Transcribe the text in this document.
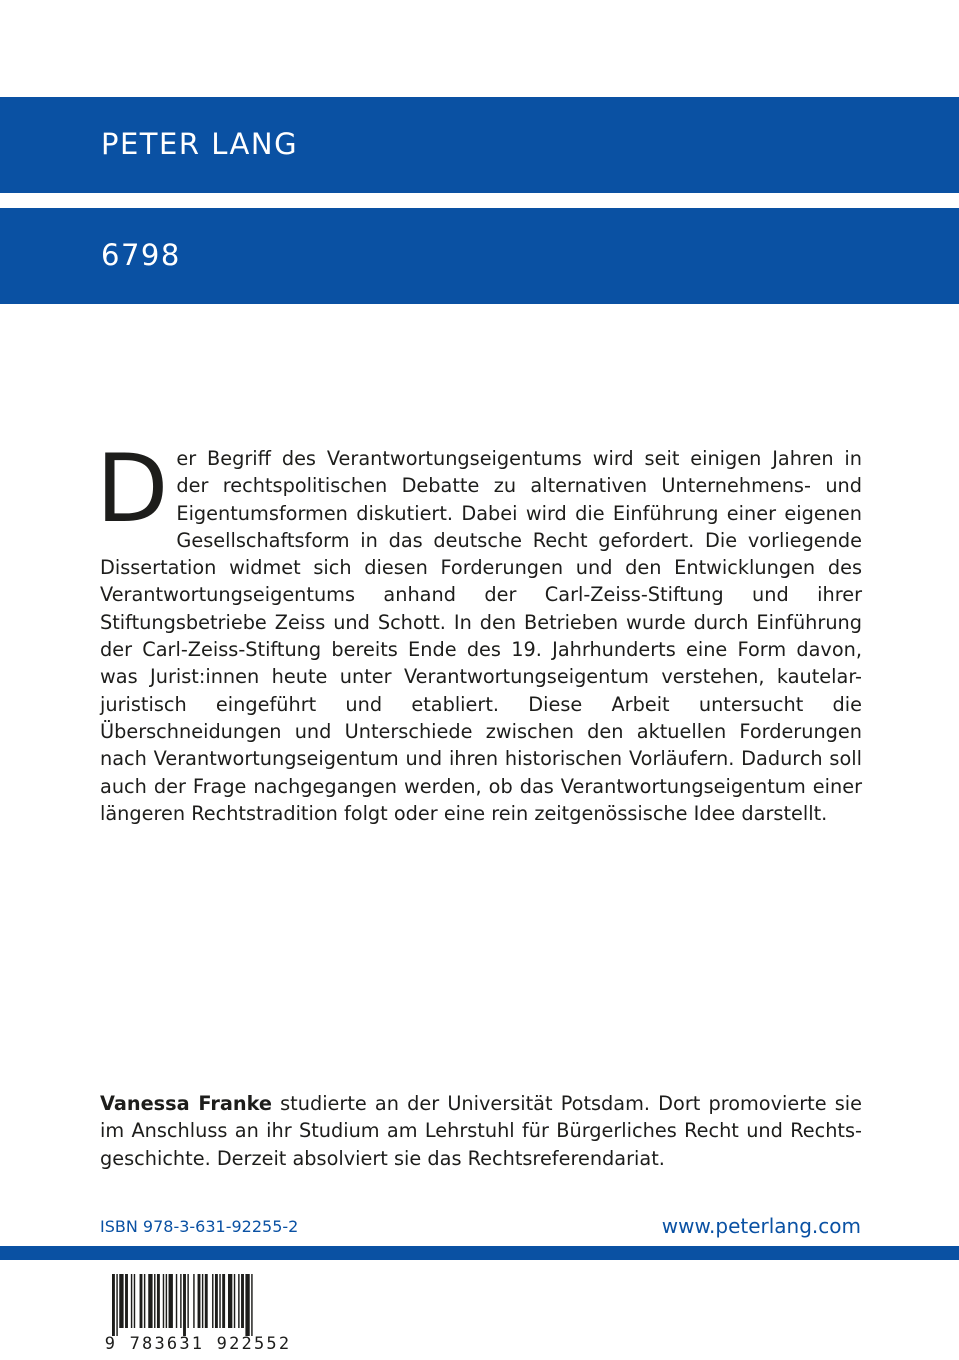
PETER LANG
6798

Der Begriff des Verantwortungseigentums wird seit einigen Jahren in der rechtspolitischen Debatte zu alternativen Unternehmens- und Eigentumsformen diskutiert. Dabei wird die Einführung einer eigenen Gesellschaftsform in das deutsche Recht gefordert. Die vorliegende Dissertation widmet sich diesen Forderungen und den Entwicklungen des Verantwortungseigentums anhand der Carl-Zeiss-Stiftung und ihrer Stiftungsbetriebe Zeiss und Schott. In den Betrieben wurde durch Einführung der Carl-Zeiss-Stiftung bereits Ende des 19. Jahrhunderts eine Form davon, was Jurist:innen heute unter Verantwortungseigentum verstehen, kautelar-juristisch eingeführt und etabliert. Diese Arbeit untersucht die Überschneidungen und Unterschiede zwischen den aktuellen Forderungen nach Verantwortungseigentum und ihren historischen Vorläufern. Dadurch soll auch der Frage nachgegangen werden, ob das Verantwortungseigentum einer längeren Rechtstradition folgt oder eine rein zeitgenössische Idee darstellt.

Vanessa Franke studierte an der Universität Potsdam. Dort promovierte sie im Anschluss an ihr Studium am Lehrstuhl für Bürgerliches Recht und Rechtsgeschichte. Derzeit absolviert sie das Rechtsreferendariat.

ISBN 978-3-631-92255-2	www.peterlang.com
9 783631 922552
